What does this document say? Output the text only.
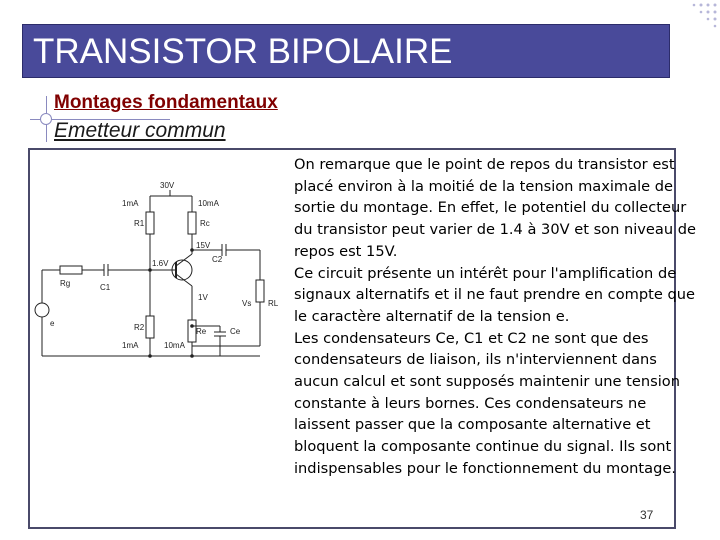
TRANSISTOR BIPOLAIRE
Montages fondamentaux
Emetteur commun
30V
1mA	10mA
R1	Rc
15V
C2
1.6V
Rg	C1
1V
Vs RL
e	R2	Re	Ce
1mA	10mA

On remarque que le point de repos du transistor est placé environ à la moitié de la tension maximale de sortie du montage. En effet, le potentiel du collecteur du transistor peut varier de 1.4 à 30V et son niveau de repos est 15V.

Ce circuit présente un intérêt pour l'amplification de signaux alternatifs et il ne faut prendre en compte que le caractère alternatif de la tension e.

Les condensateurs Ce, C1 et C2 ne sont que des condensateurs de liaison, ils n'interviennent dans aucun calcul et sont supposés maintenir une tension constante à leurs bornes. Ces condensateurs ne laissent passer que la composante alternative et bloquent la composante continue du signal. Ils sont indispensables pour le fonctionnement du montage.

37
